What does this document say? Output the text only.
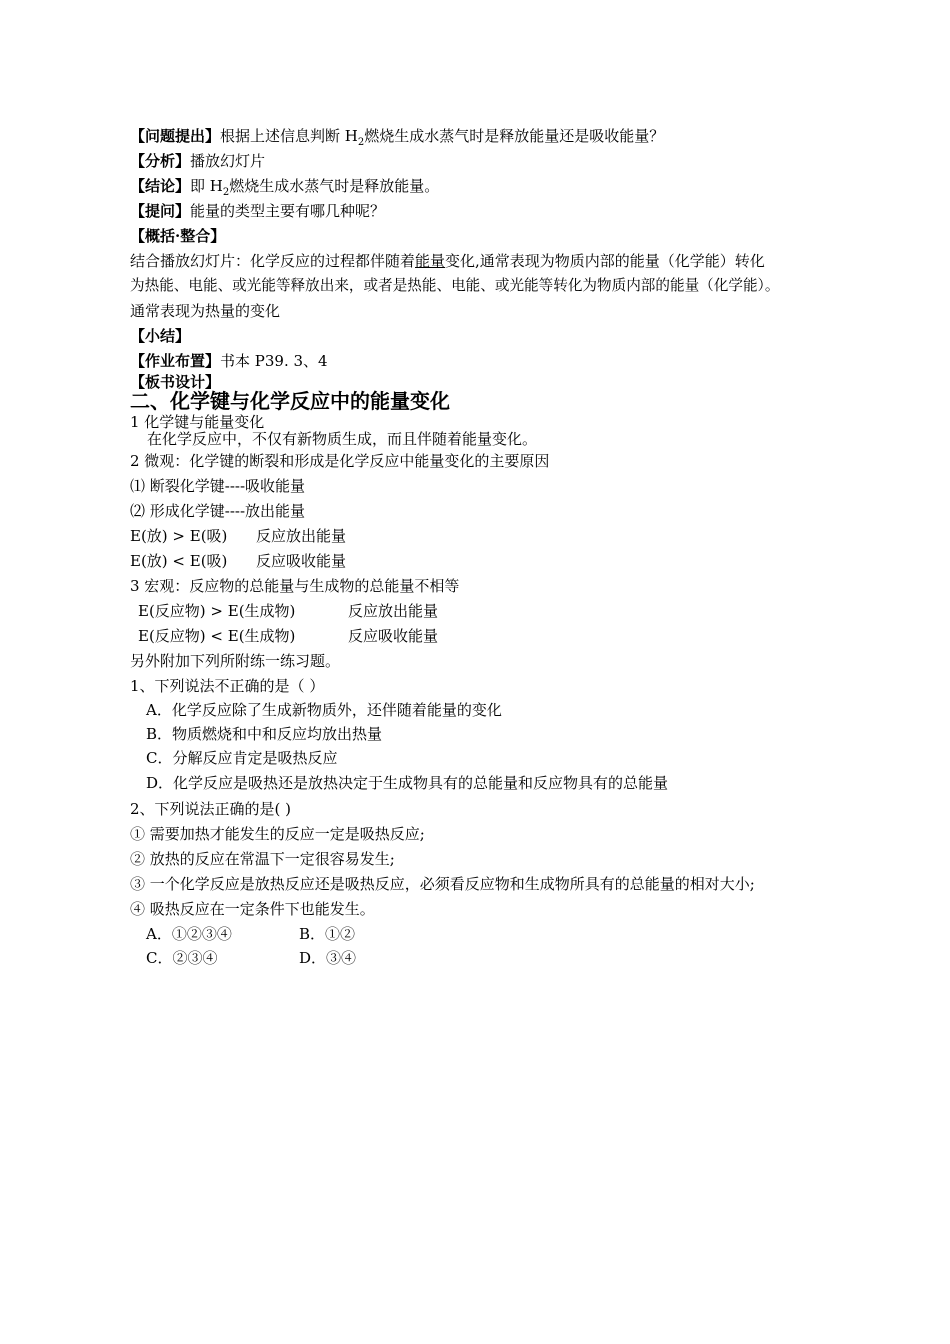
【问题提出】根据上述信息判断 $H_2$燃烧生成水蒸气时是释放能量还是吸收能量？
【分析】播放幻灯片
【结论】即 $H_2$燃烧生成水蒸气时是释放能量。
【提问】能量的类型主要有哪几种呢？
【概括·整合】
结合播放幻灯片：化学反应的过程都伴随着能量变化,通常表现为物质内部的能量（化学能）转化
为热能、电能、或光能等释放出来，或者是热能、电能、或光能等转化为物质内部的能量（化学能）。
通常表现为热量的变化
【小结】
【作业布置】书本 P39. 3、4
【板书设计】
二、化学键与化学反应中的能量变化
1 化学键与能量变化
在化学反应中，不仅有新物质生成，而且伴随着能量变化。
2 微观：化学键的断裂和形成是化学反应中能量变化的主要原因
⑴ 断裂化学键----吸收能量
⑵ 形成化学键----放出能量
E(放) > E(吸) 反应放出能量
E(放) < E(吸) 反应吸收能量
3 宏观：反应物的总能量与生成物的总能量不相等
E(反应物) > E(生成物)	反应放出能量
E(反应物) < E(生成物)	反应吸收能量
另外附加下列所附练一练习题。
1、下列说法不正确的是（ ）
A．化学反应除了生成新物质外，还伴随着能量的变化
B．物质燃烧和中和反应均放出热量
C．分解反应肯定是吸热反应
D．化学反应是吸热还是放热决定于生成物具有的总能量和反应物具有的总能量
2、下列说法正确的是( )
① 需要加热才能发生的反应一定是吸热反应;
② 放热的反应在常温下一定很容易发生;
③ 一个化学反应是放热反应还是吸热反应，必须看反应物和生成物所具有的总能量的相对大小;
④ 吸热反应在一定条件下也能发生。
A．①②③④	B．①②
C．②③④	D．③④
